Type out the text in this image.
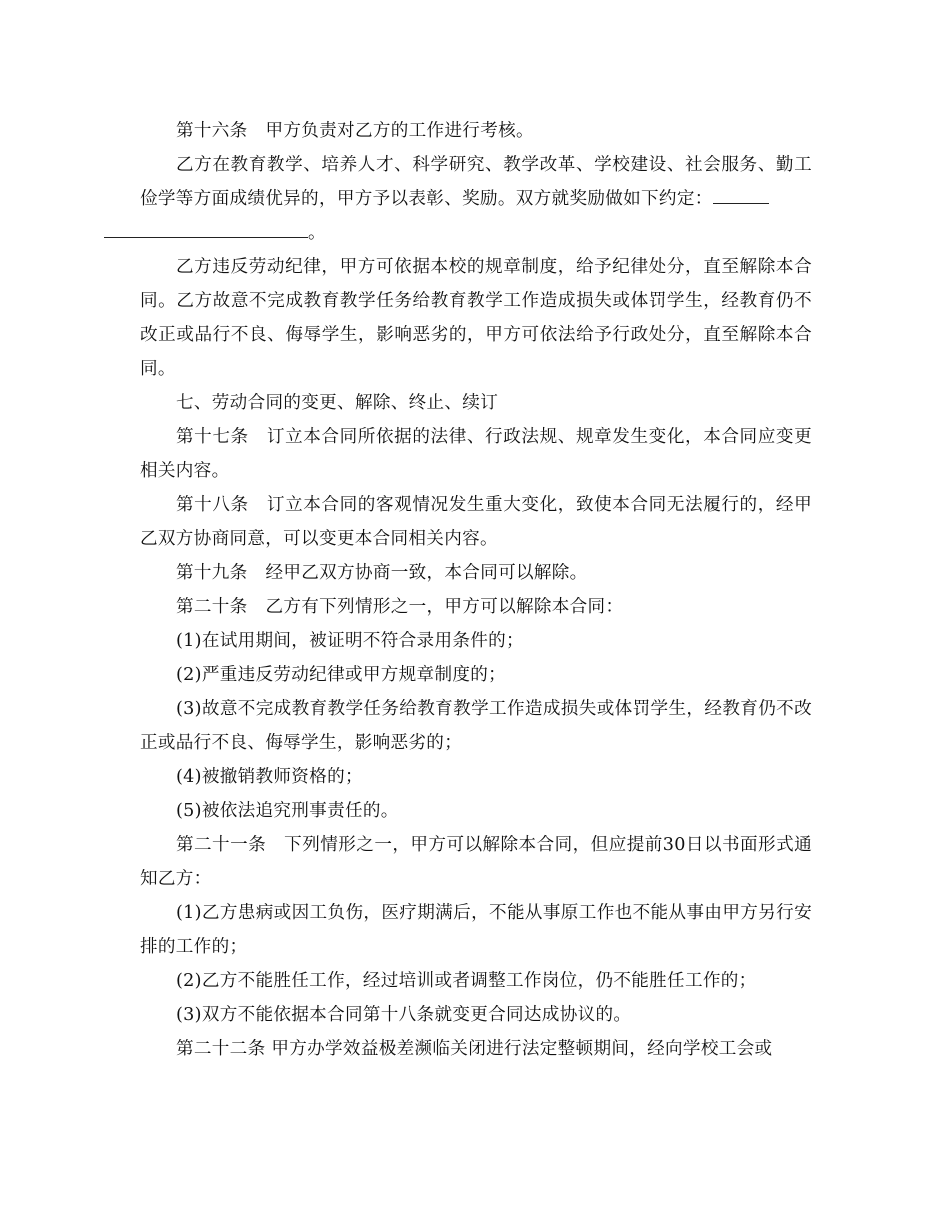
第十六条　甲方负责对乙方的工作进行考核。

乙方在教育教学、培养人才、科学研究、教学改革、学校建设、社会服务、勤工俭学等方面成绩优异的，甲方予以表彰、奖励。双方就奖励做如下约定：
。

乙方违反劳动纪律，甲方可依据本校的规章制度，给予纪律处分，直至解除本合同。乙方故意不完成教育教学任务给教育教学工作造成损失或体罚学生，经教育仍不改正或品行不良、侮辱学生，影响恶劣的，甲方可依法给予行政处分，直至解除本合同。

七、劳动合同的变更、解除、终止、续订

第十七条　订立本合同所依据的法律、行政法规、规章发生变化，本合同应变更相关内容。

第十八条　订立本合同的客观情况发生重大变化，致使本合同无法履行的，经甲乙双方协商同意，可以变更本合同相关内容。

第十九条　经甲乙双方协商一致，本合同可以解除。

第二十条　乙方有下列情形之一，甲方可以解除本合同：

(1)在试用期间，被证明不符合录用条件的；

(2)严重违反劳动纪律或甲方规章制度的；

(3)故意不完成教育教学任务给教育教学工作造成损失或体罚学生，经教育仍不改正或品行不良、侮辱学生，影响恶劣的；

(4)被撤销教师资格的；

(5)被依法追究刑事责任的。

第二十一条　下列情形之一，甲方可以解除本合同，但应提前30日以书面形式通知乙方：

(1)乙方患病或因工负伤，医疗期满后，不能从事原工作也不能从事由甲方另行安排的工作的；

(2)乙方不能胜任工作，经过培训或者调整工作岗位，仍不能胜任工作的；

(3)双方不能依据本合同第十八条就变更合同达成协议的。

第二十二条 甲方办学效益极差濒临关闭进行法定整顿期间，经向学校工会或
